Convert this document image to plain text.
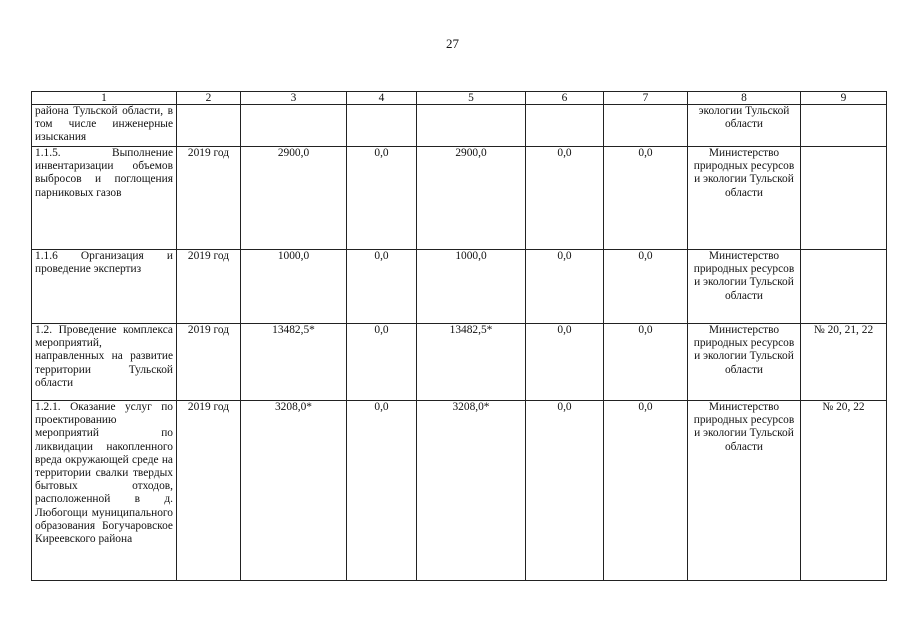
27
1	2	3	4	5	6	7	8	9
района Тульской области, в том числе инженерные изыскания							экологии Тульской области	
1.1.5. Выполнение инвентаризации объемов выбросов и поглощения парниковых газов	2019 год	2900,0	0,0	2900,0	0,0	0,0	Министерство природных ресурсов и экологии Тульской области	
1.1.6 Организация и проведение экспертиз	2019 год	1000,0	0,0	1000,0	0,0	0,0	Министерство природных ресурсов и экологии Тульской области	
1.2. Проведение комплекса мероприятий, направленных на развитие территории Тульской области	2019 год	13482,5*	0,0	13482,5*	0,0	0,0	Министерство природных ресурсов и экологии Тульской области	№ 20, 21, 22
1.2.1. Оказание услуг по проектированию мероприятий по ликвидации накопленного вреда окружающей среде на территории свалки твердых бытовых отходов, расположенной в д. Любогощи муниципального образования Богучаровское Киреевского района	2019 год	3208,0*	0,0	3208,0*	0,0	0,0	Министерство природных ресурсов и экологии Тульской области	№ 20, 22
